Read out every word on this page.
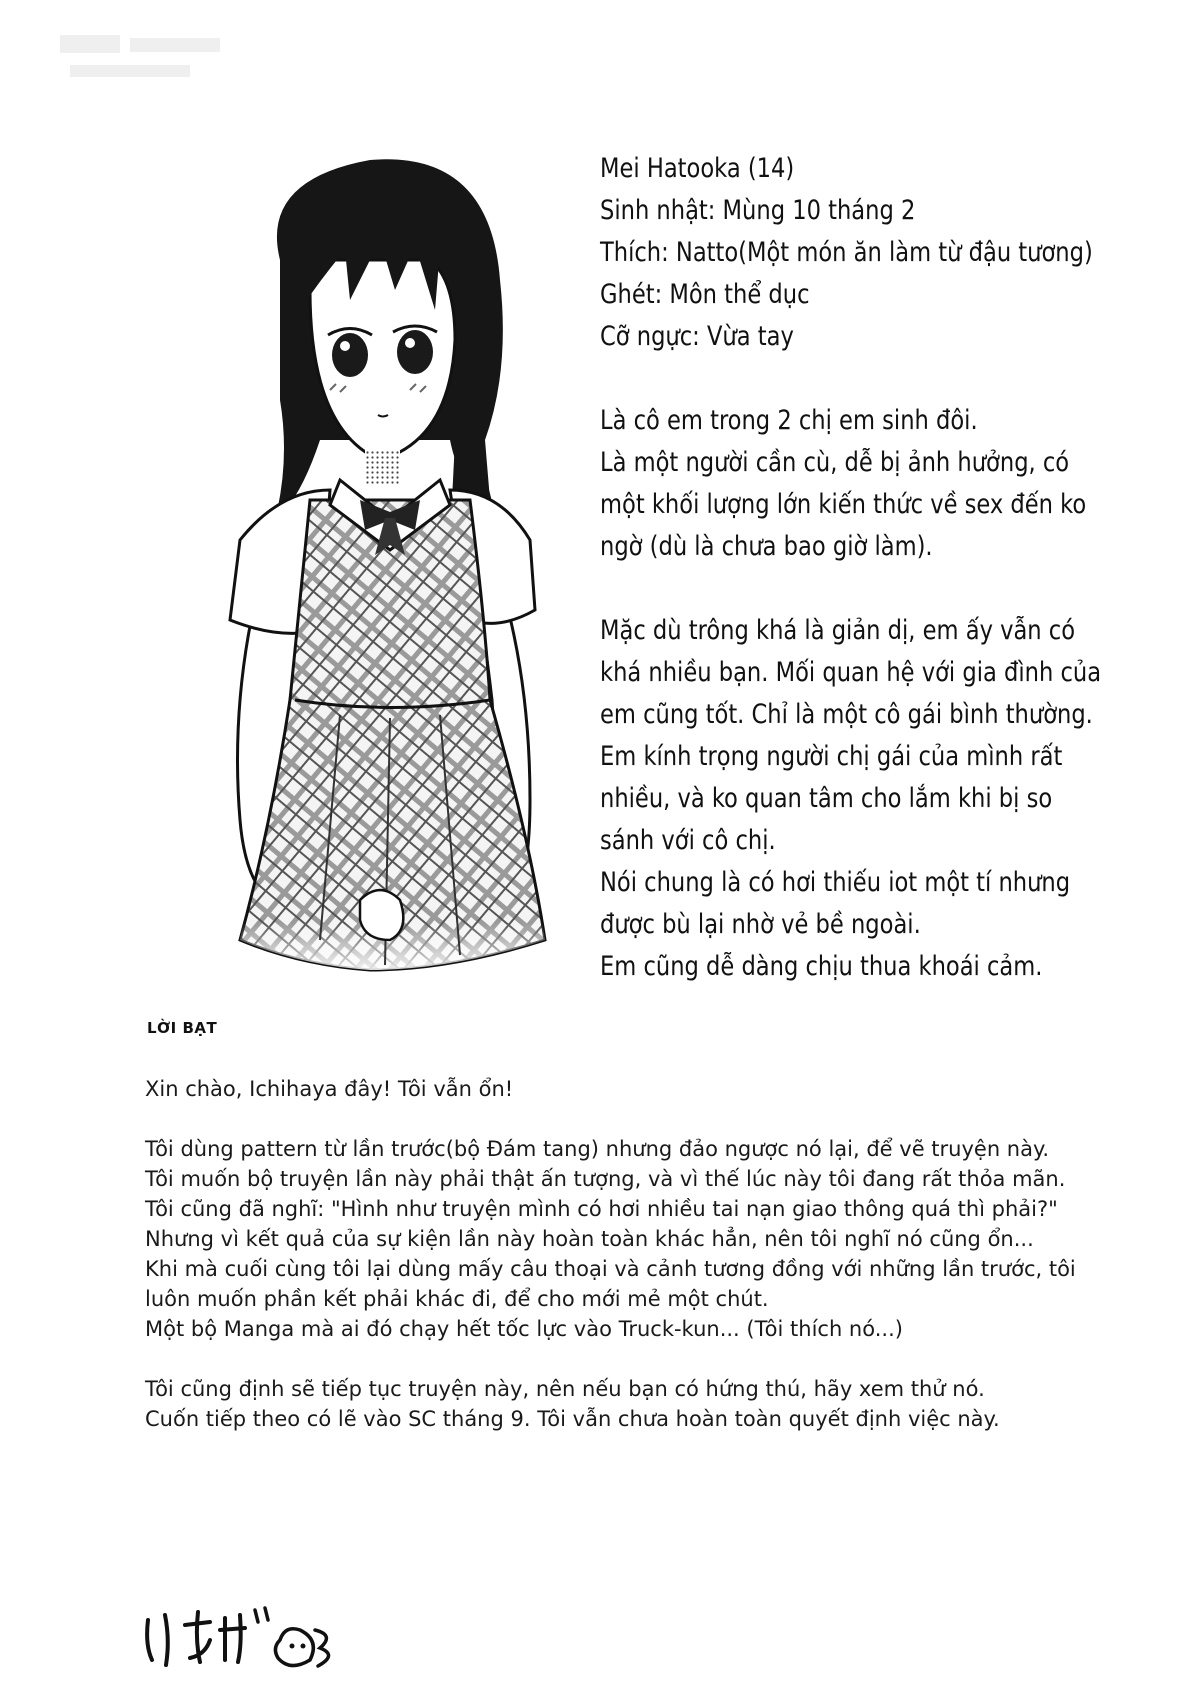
Mei Hatooka (14)
Sinh nhật: Mùng 10 tháng 2
Thích: Natto(Một món ăn làm từ đậu tương)
Ghét: Môn thể dục
Cỡ ngực: Vừa tay
Là cô em trong 2 chị em sinh đôi.
Là một người cần cù, dễ bị ảnh hưởng, có
một khối lượng lớn kiến thức về sex đến ko
ngờ (dù là chưa bao giờ làm).
Mặc dù trông khá là giản dị, em ấy vẫn có
khá nhiều bạn. Mối quan hệ với gia đình của
em cũng tốt. Chỉ là một cô gái bình thường.
Em kính trọng người chị gái của mình rất
nhiều, và ko quan tâm cho lắm khi bị so
sánh với cô chị.
Nói chung là có hơi thiếu iot một tí nhưng
được bù lại nhờ vẻ bề ngoài.
Em cũng dễ dàng chịu thua khoái cảm.
LỜI BẠT

Xin chào, Ichihaya đây! Tôi vẫn ổn!

Tôi dùng pattern từ lần trước(bộ Đám tang) nhưng đảo ngược nó lại, để vẽ truyện này.

Tôi muốn bộ truyện lần này phải thật ấn tượng, và vì thế lúc này tôi đang rất thỏa mãn. Tôi cũng đã nghĩ: "Hình như truyện mình có hơi nhiều tai nạn giao thông quá thì phải?" Nhưng vì kết quả của sự kiện lần này hoàn toàn khác hẳn, nên tôi nghĩ nó cũng ổn...

Khi mà cuối cùng tôi lại dùng mấy câu thoại và cảnh tương đồng với những lần trước, tôi luôn muốn phần kết phải khác đi, để cho mới mẻ một chút.

Một bộ Manga mà ai đó chạy hết tốc lực vào Truck-kun... (Tôi thích nó...)

Tôi cũng định sẽ tiếp tục truyện này, nên nếu bạn có hứng thú, hãy xem thử nó.

Cuốn tiếp theo có lẽ vào SC tháng 9. Tôi vẫn chưa hoàn toàn quyết định việc này.
